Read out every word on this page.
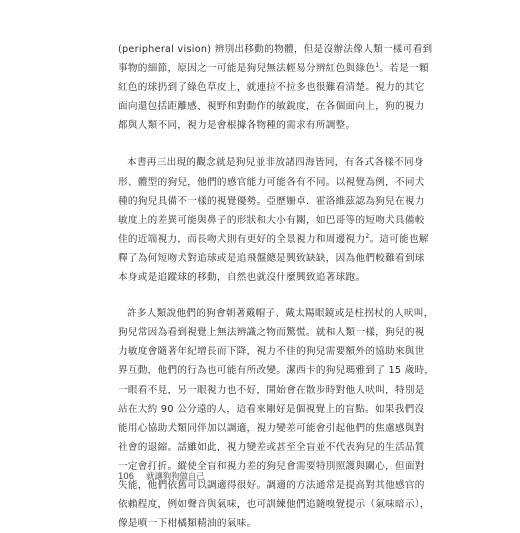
(peripheral vision) 辨別出移動的物體，但是沒辦法像人類一樣可看到
事物的細節，原因之一可能是狗兒無法輕易分辨紅色與綠色$^1$。若是一顆
紅色的球扔到了綠色草皮上，就連拉不拉多也很難看清楚。視力的其它
面向還包括距離感、視野和對動作的敏銳度，在各個面向上，狗的視力
都與人類不同，視力是會根據各物種的需求有所調整。

本書再三出現的觀念就是狗兒並非放諸四海皆同，有各式各樣不同身
形、體型的狗兒，他們的感官能力可能各有不同。以視覺為例，不同犬
種的狗兒具備不一樣的視覺優勢。亞歷姍卓．霍洛維茲認為狗兒在視力
敏度上的差異可能與鼻子的形狀和大小有關，如巴哥等的短吻犬具備較
佳的近端視力，而長吻犬則有更好的全景視力和周邊視力$^2$。這可能也解
釋了為何短吻犬對追球或是追飛盤總是興致缺缺，因為他們較難看到球
本身或是追蹤球的移動，自然也就沒什麼興致追著球跑。

許多人類說他們的狗會朝著戴帽子、戴太陽眼鏡或是柱拐杖的人吠叫，
狗兒常因為看到視覺上無法辨識之物而驚慌。就和人類一樣，狗兒的視
力敏度會隨著年紀增長而下降，視力不佳的狗兒需要額外的協助來與世
界互動，他們的行為也可能有所改變。潔西卡的狗兒瑪雅到了 15 歲時，
一眼看不見，另一眼視力也不好，開始會在散步時對他人吠叫，特別是
站在大約 90 公分遠的人，這看來剛好是個視覺上的盲點。如果我們沒
能用心協助犬類同伴加以調適，視力變差可能會引起他們的焦慮感與對
社會的退縮。話雖如此，視力變差或甚至全盲並不代表狗兒的生活品質
一定會打折。縱使全盲和視力差的狗兒會需要特別照護與關心，但面對
失能，他們依舊可以調適得很好。調適的方法通常是提高對其他感官的
依賴程度，例如聲音與氣味，也可訓練他們追隨嗅覺提示（氣味暗示），
像是噴一下柑橘類精油的氣味。

106 就讓狗狗做自己
